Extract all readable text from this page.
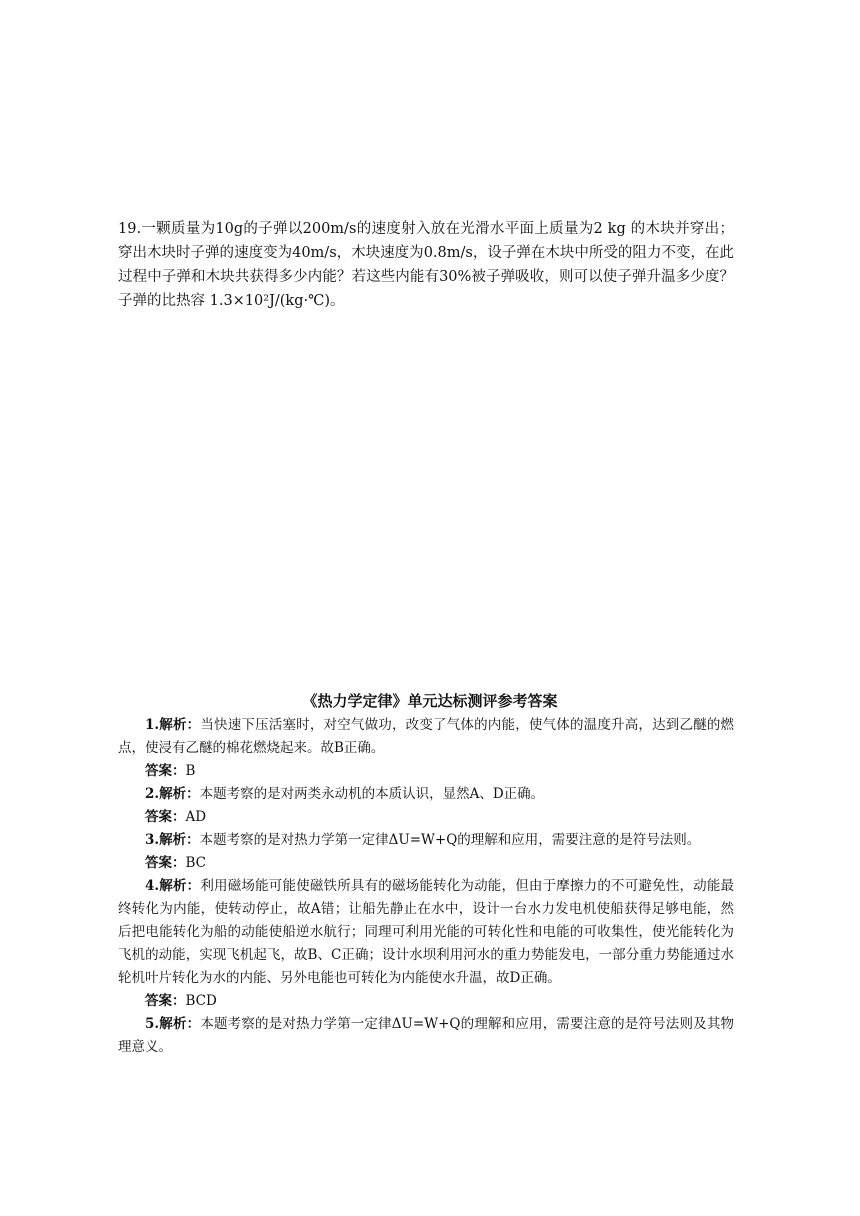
19.一颗质量为10g的子弹以200m/s的速度射入放在光滑水平面上质量为2 kg 的木块并穿出；穿出木块时子弹的速度变为40m/s，木块速度为0.8m/s，设子弹在木块中所受的阻力不变，在此过程中子弹和木块共获得多少内能？若这些内能有30%被子弹吸收，则可以使子弹升温多少度？子弹的比热容 1.3×10²J/(kg·℃)。

《热力学定律》单元达标测评参考答案

1.解析：当快速下压活塞时，对空气做功，改变了气体的内能，使气体的温度升高，达到乙醚的燃点，使浸有乙醚的棉花燃烧起来。故B正确。

答案：B

2.解析：本题考察的是对两类永动机的本质认识，显然A、D正确。

答案：AD

3.解析：本题考察的是对热力学第一定律ΔU=W+Q的理解和应用，需要注意的是符号法则。

答案：BC

4.解析：利用磁场能可能使磁铁所具有的磁场能转化为动能，但由于摩擦力的不可避免性，动能最终转化为内能，使转动停止，故A错；让船先静止在水中，设计一台水力发电机使船获得足够电能，然后把电能转化为船的动能使船逆水航行；同理可利用光能的可转化性和电能的可收集性，使光能转化为飞机的动能，实现飞机起飞，故B、C正确；设计水坝利用河水的重力势能发电，一部分重力势能通过水轮机叶片转化为水的内能、另外电能也可转化为内能使水升温，故D正确。

答案：BCD

5.解析：本题考察的是对热力学第一定律ΔU=W+Q的理解和应用，需要注意的是符号法则及其物理意义。
